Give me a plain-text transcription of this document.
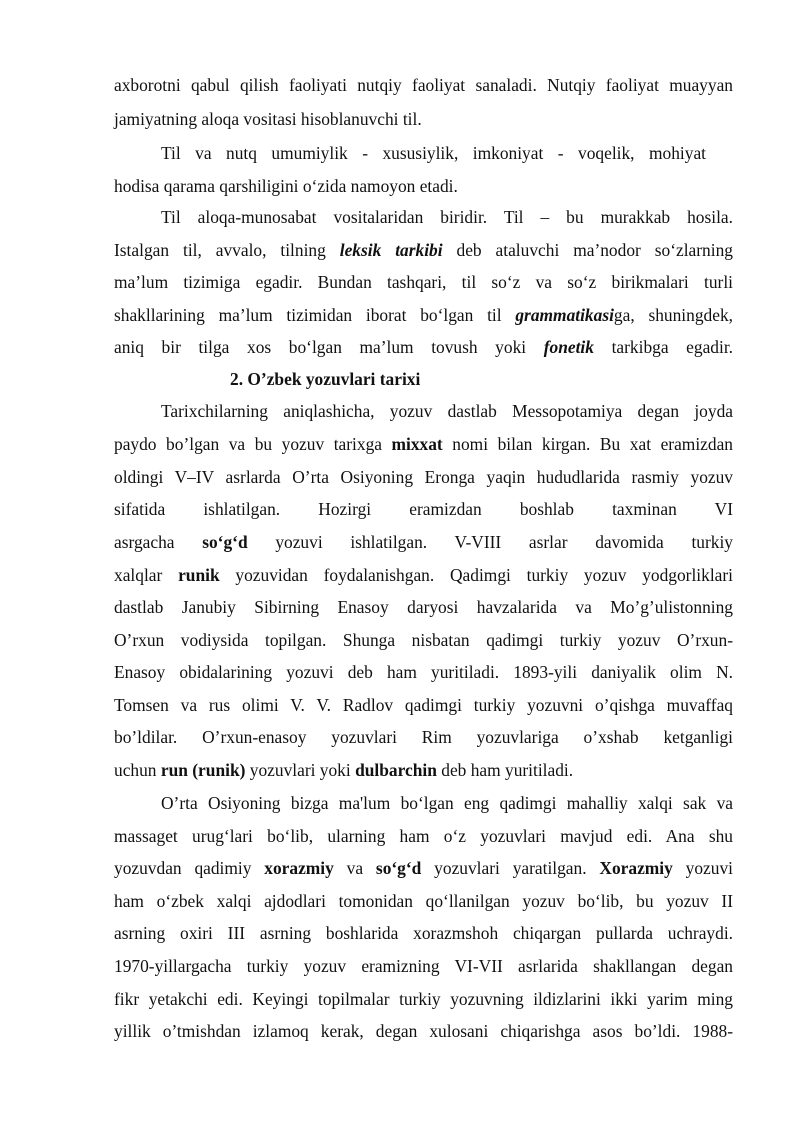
axborotni qabul qilish faoliyati nutqiy faoliyat sanaladi. Nutqiy faoliyat muayyan
jamiyatning aloqa vositasi hisoblanuvchi til.
Til va nutq umumiylik - xususiylik, imkoniyat - voqelik, mohiyat
hodisa qarama qarshiligini o‘zida namoyon etadi.
Til aloqa-munosabat vositalaridan biridir. Til – bu murakkab hosila.
Istalgan til, avvalo, tilning leksik tarkibi deb ataluvchi ma’nodor so‘zlarning
ma’lum tizimiga egadir. Bundan tashqari, til so‘z va so‘z birikmalari turli
shakllarining ma’lum tizimidan iborat bo‘lgan til grammatikasiga, shuningdek,
aniq bir tilga xos bo‘lgan ma’lum tovush yoki fonetik tarkibga egadir.
2. O’zbek yozuvlari tarixi
Tarixchilarning aniqlashicha, yozuv dastlab Messopotamiya degan joyda
paydo bo’lgan va bu yozuv tarixga mixxat nomi bilan kirgan. Bu xat eramizdan
oldingi V–IV asrlarda O’rta Osiyoning Eronga yaqin hududlarida rasmiy yozuv
sifatida ishlatilgan. Hozirgi eramizdan boshlab taxminan VI
asrgacha so‘g‘d yozuvi ishlatilgan. V-VIII asrlar davomida turkiy
xalqlar runik yozuvidan foydalanishgan. Qadimgi turkiy yozuv yodgorliklari
dastlab Janubiy Sibirning Enasoy daryosi havzalarida va Mo’g’ulistonning
O’rxun vodiysida topilgan. Shunga nisbatan qadimgi turkiy yozuv O’rxun-
Enasoy obidalarining yozuvi deb ham yuritiladi. 1893-yili daniyalik olim N.
Tomsen va rus olimi V. V. Radlov qadimgi turkiy yozuvni o’qishga muvaffaq
bo’ldilar. O’rxun-enasoy yozuvlari Rim yozuvlariga o’xshab ketganligi
uchun run (runik) yozuvlari yoki dulbarchin deb ham yuritiladi.
O’rta Osiyoning bizga ma'lum bo‘lgan eng qadimgi mahalliy xalqi sak va
massaget urug‘lari bo‘lib, ularning ham o‘z yozuvlari mavjud edi. Ana shu
yozuvdan qadimiy xorazmiy va so‘g‘d yozuvlari yaratilgan. Xorazmiy yozuvi
ham o‘zbek xalqi ajdodlari tomonidan qo‘llanilgan yozuv bo‘lib, bu yozuv II
asrning oxiri III asrning boshlarida xorazmshoh chiqargan pullarda uchraydi.
1970-yillargacha turkiy yozuv eramizning VI-VII asrlarida shakllangan degan
fikr yetakchi edi. Keyingi topilmalar turkiy yozuvning ildizlarini ikki yarim ming
yillik o’tmishdan izlamoq kerak, degan xulosani chiqarishga asos bo’ldi. 1988-
